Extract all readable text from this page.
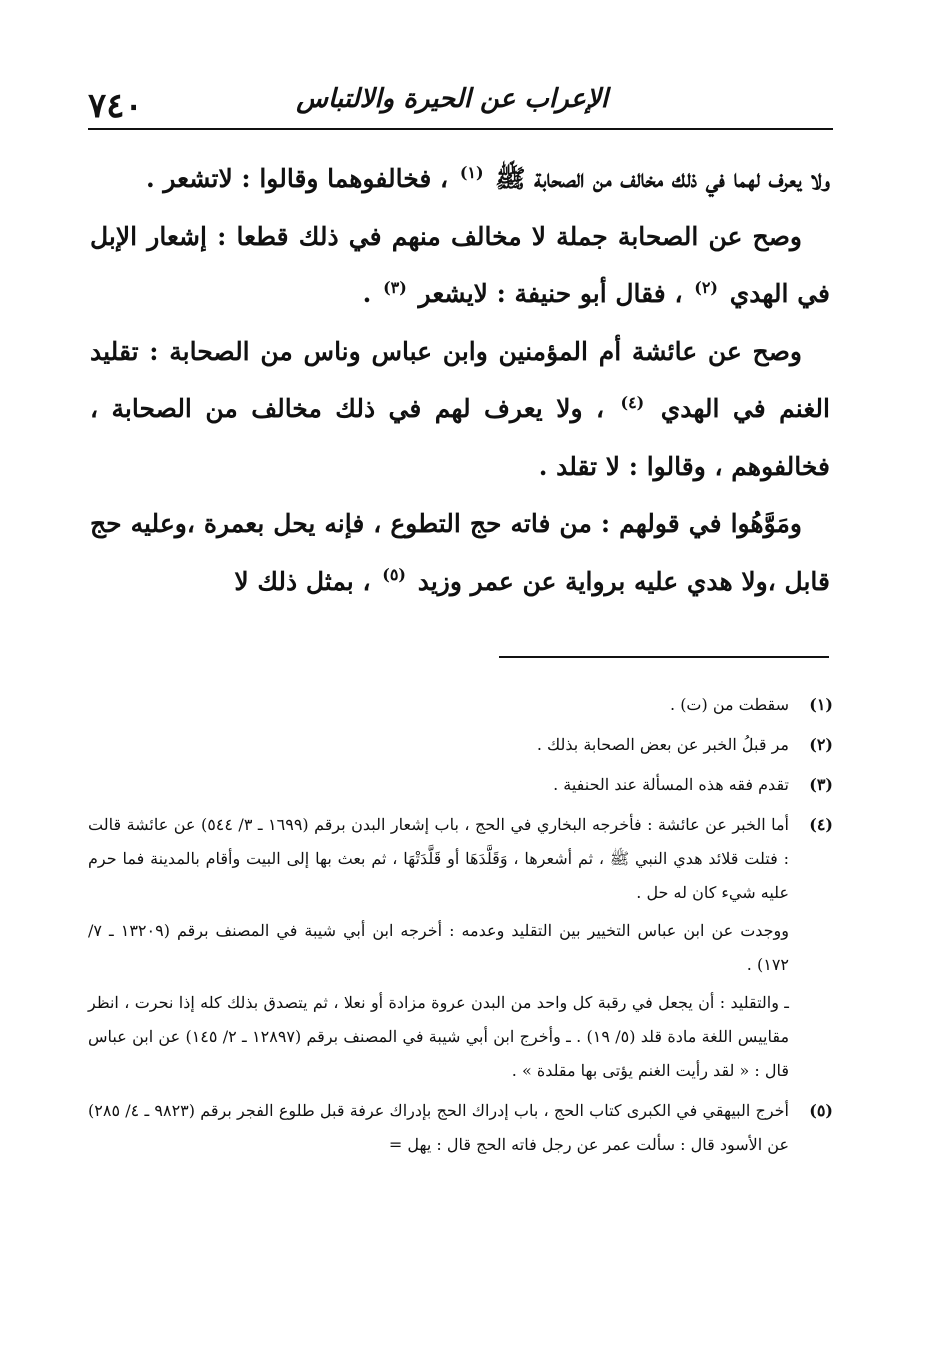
٧٤٠	الإعراب عن الحيرة والالتباس

ولا يعرف لهما في ذلك مخالف من الصحابة ﷺ $^{(١)}$ ، فخالفوهما وقالوا : لاتشعر .

وصح عن الصحابة جملة لا مخالف منهم في ذلك قطعا : إشعار الإبل في الهدي $^{(٢)}$ ، فقال أبو حنيفة : لايشعر $^{(٣)}$ .

وصح عن عائشة أم المؤمنين وابن عباس وناس من الصحابة : تقليد الغنم في الهدي $^{(٤)}$ ، ولا يعرف لهم في ذلك مخالف من الصحابة ، فخالفوهم ، وقالوا : لا تقلد .

ومَوَّهُوا في قولهم : من فاته حج التطوع ، فإنه يحل بعمرة ،وعليه حج قابل ،ولا هدي عليه برواية عن عمر وزيد $^{(٥)}$ ، بمثل ذلك لا

(١)

سقطت من (ت) .

(٢)

مر قبلُ الخبر عن بعض الصحابة بذلك .

(٣)

تقدم فقه هذه المسألة عند الحنفية .

(٤)

أما الخبر عن عائشة : فأخرجه البخاري في الحج ، باب إشعار البدن برقم (١٦٩٩ ـ ٣/ ٥٤٤) عن عائشة قالت : فتلت قلائد هدي النبي ﷺ ، ثم أشعرها ، وَقَلَّدَهَا أو قَلَّدَتْهَا ، ثم بعث بها إلى البيت وأقام بالمدينة فما حرم عليه شيء كان له حل .

ووجدت عن ابن عباس التخيير بين التقليد وعدمه : أخرجه ابن أبي شيبة في المصنف برقم (١٣٢٠٩ ـ ٧/ ١٧٢) .

ـ والتقليد : أن يجعل في رقبة كل واحد من البدن عروة مزادة أو نعلا ، ثم يتصدق بذلك كله إذا نحرت ، انظر مقاييس اللغة مادة قلد (٥/ ١٩) . ـ وأخرج ابن أبي شيبة في المصنف برقم (١٢٨٩٧ ـ ٢/ ١٤٥) عن ابن عباس قال : « لقد رأيت الغنم يؤتى بها مقلدة » .

(٥)

أخرج البيهقي في الكبرى كتاب الحج ، باب إدراك الحج بإدراك عرفة قبل طلوع الفجر برقم (٩٨٢٣ ـ ٤/ ٢٨٥) عن الأسود قال : سألت عمر عن رجل فاته الحج قال : يهل =
